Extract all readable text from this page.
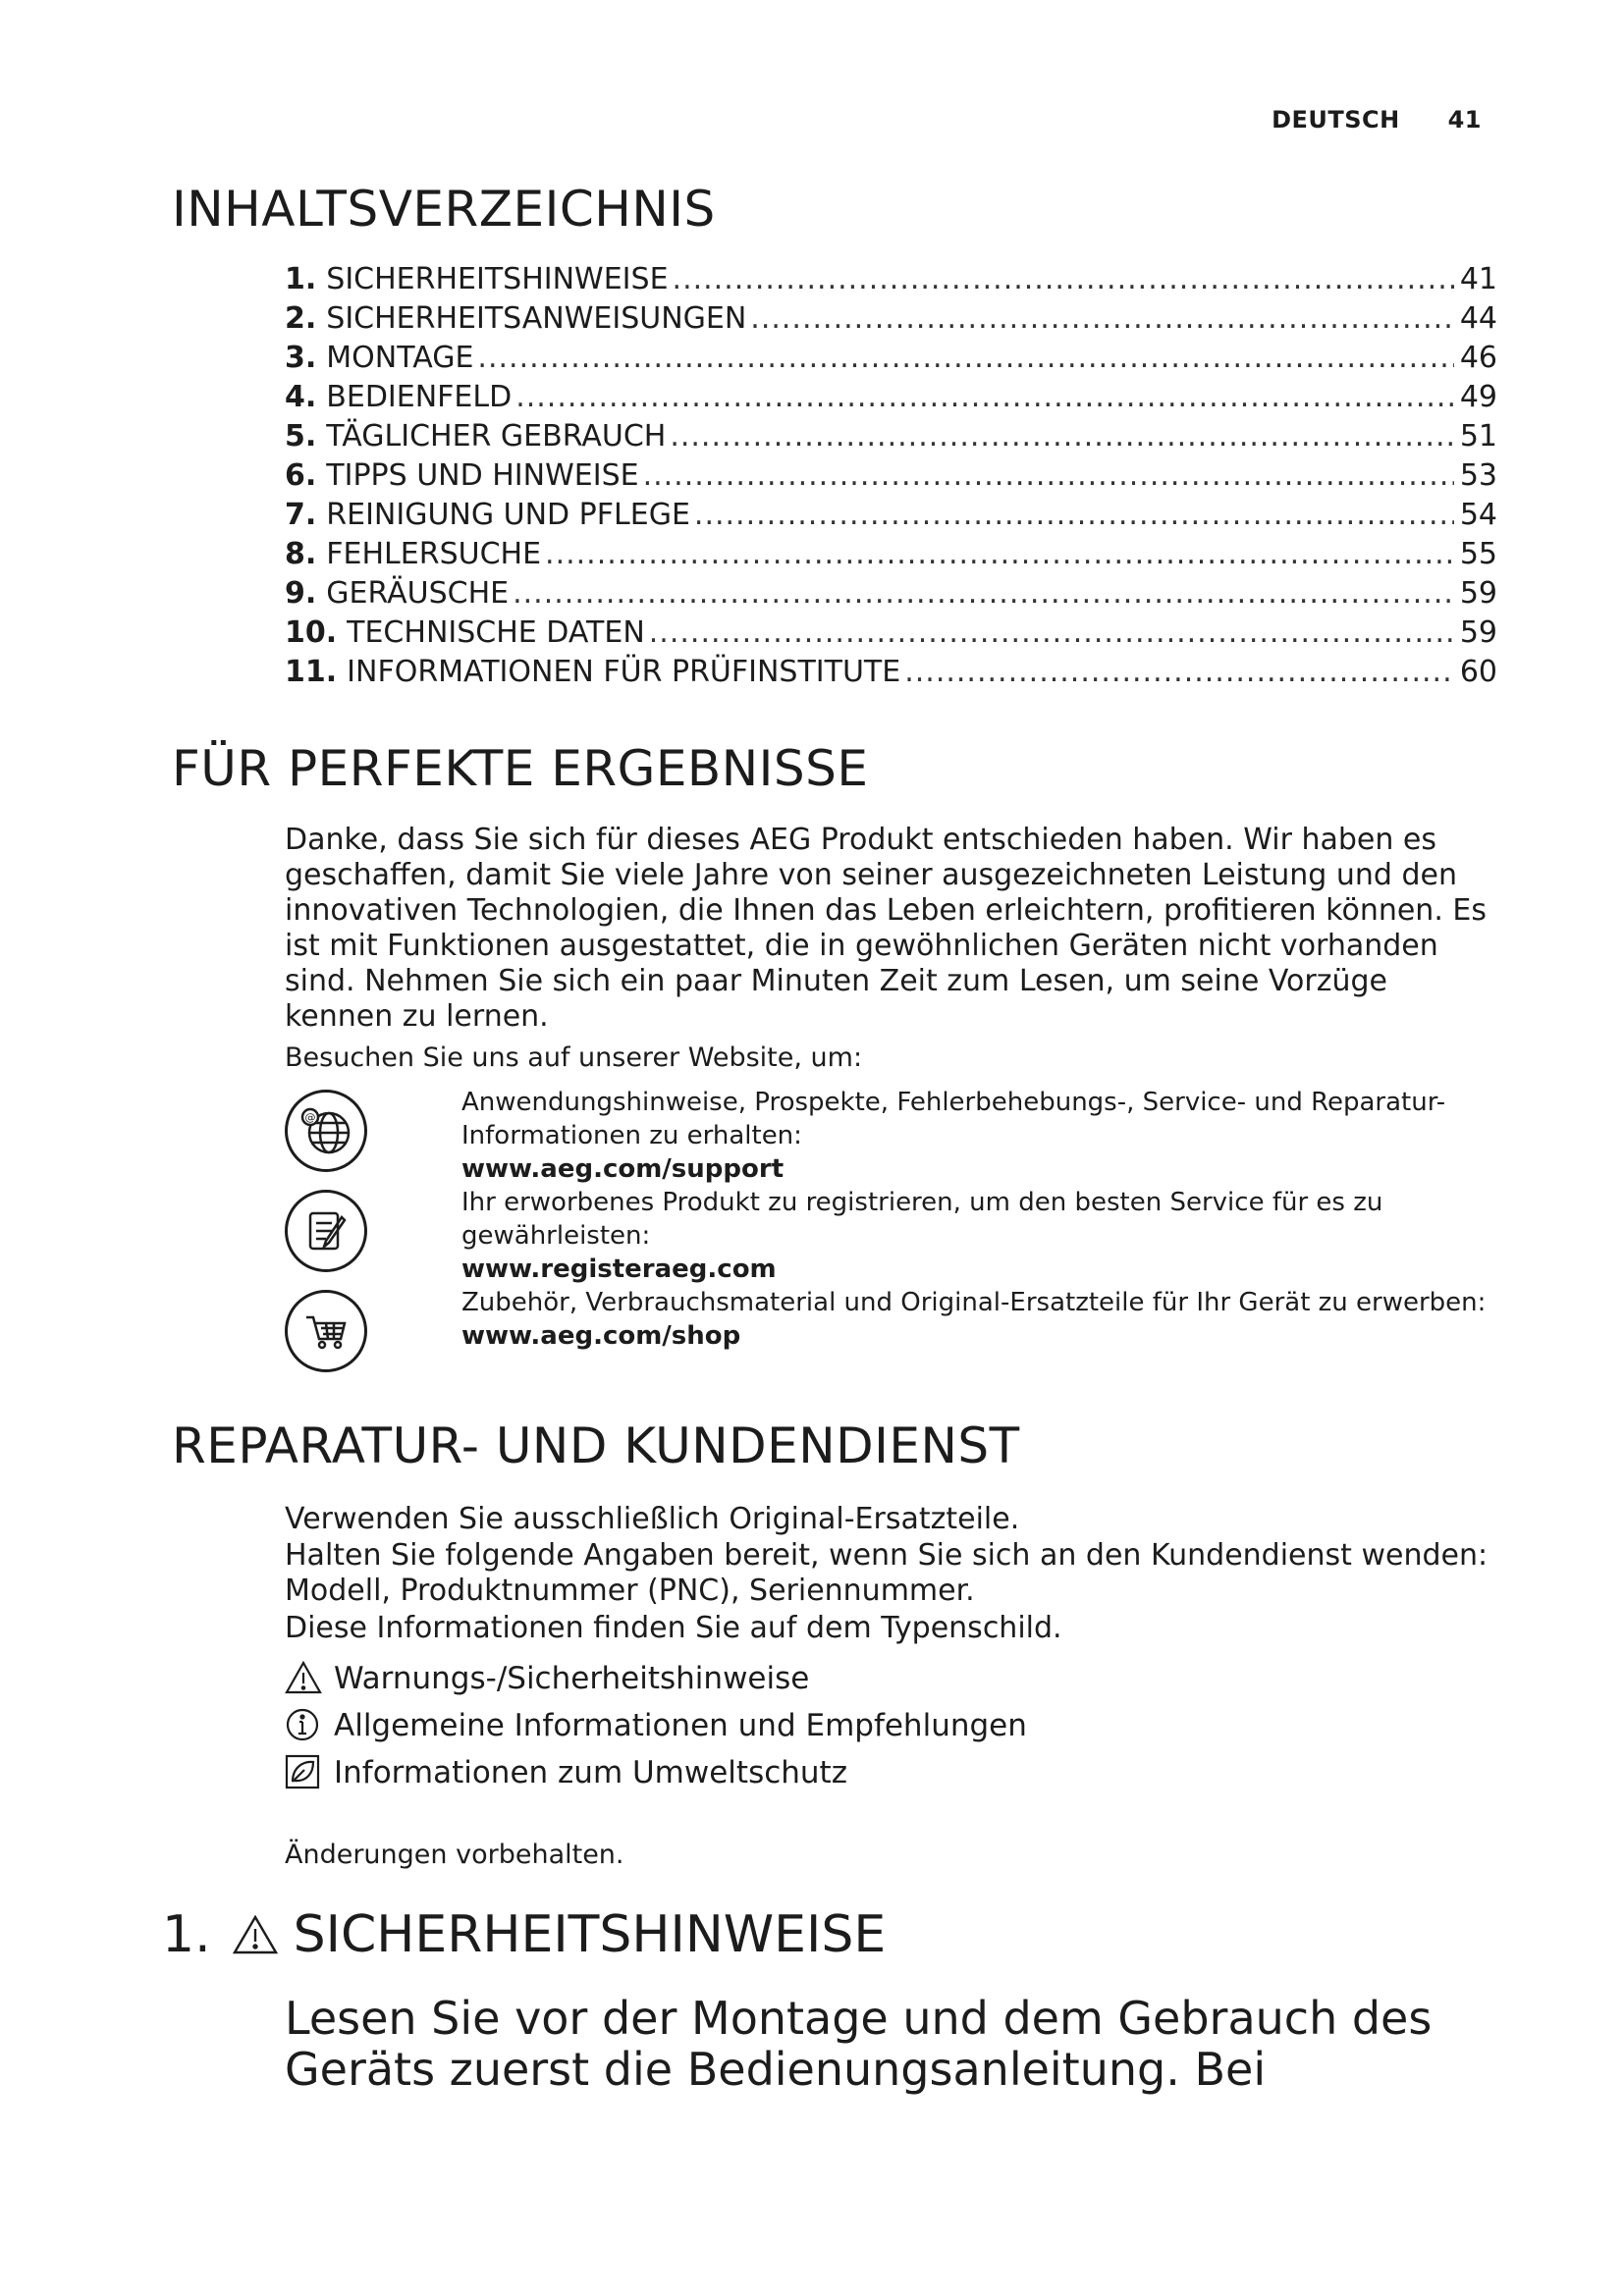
DEUTSCH 41
INHALTSVERZEICHNIS
1. SICHERHEITSHINWEISE .....	41
2. SICHERHEITSANWEISUNGEN .....	44
3. MONTAGE .....	46
4. BEDIENFELD .....	49
5. TÄGLICHER GEBRAUCH .....	51
6. TIPPS UND HINWEISE .....	53
7. REINIGUNG UND PFLEGE .....	54
8. FEHLERSUCHE .....	55
9. GERÄUSCHE .....	59
10. TECHNISCHE DATEN .....	59
11. INFORMATIONEN FÜR PRÜFINSTITUTE .....	60
FÜR PERFEKTE ERGEBNISSE

Danke, dass Sie sich für dieses AEG Produkt entschieden haben. Wir haben es geschaffen, damit Sie viele Jahre von seiner ausgezeichneten Leistung und den innovativen Technologien, die Ihnen das Leben erleichtern, profitieren können. Es ist mit Funktionen ausgestattet, die in gewöhnlichen Geräten nicht vorhanden sind. Nehmen Sie sich ein paar Minuten Zeit zum Lesen, um seine Vorzüge kennen zu lernen.

Besuchen Sie uns auf unserer Website, um:

@
Anwendungshinweise, Prospekte, Fehlerbehebungs-, Service- und Reparatur-Informationen zu erhalten:
www.aeg.com/support
Ihr erworbenes Produkt zu registrieren, um den besten Service für es zu gewährleisten:
www.registeraeg.com
Zubehör, Verbrauchsmaterial und Original-Ersatzteile für Ihr Gerät zu erwerben:
www.aeg.com/shop
REPARATUR- UND KUNDENDIENST

Verwenden Sie ausschließlich Original-Ersatzteile.

Halten Sie folgende Angaben bereit, wenn Sie sich an den Kundendienst wenden: Modell, Produktnummer (PNC), Seriennummer.

Diese Informationen finden Sie auf dem Typenschild.

Warnungs-/Sicherheitshinweise
Allgemeine Informationen und Empfehlungen
Informationen zum Umweltschutz

Änderungen vorbehalten.

1. SICHERHEITSHINWEISE

Lesen Sie vor der Montage und dem Gebrauch des Geräts zuerst die Bedienungsanleitung. Bei
